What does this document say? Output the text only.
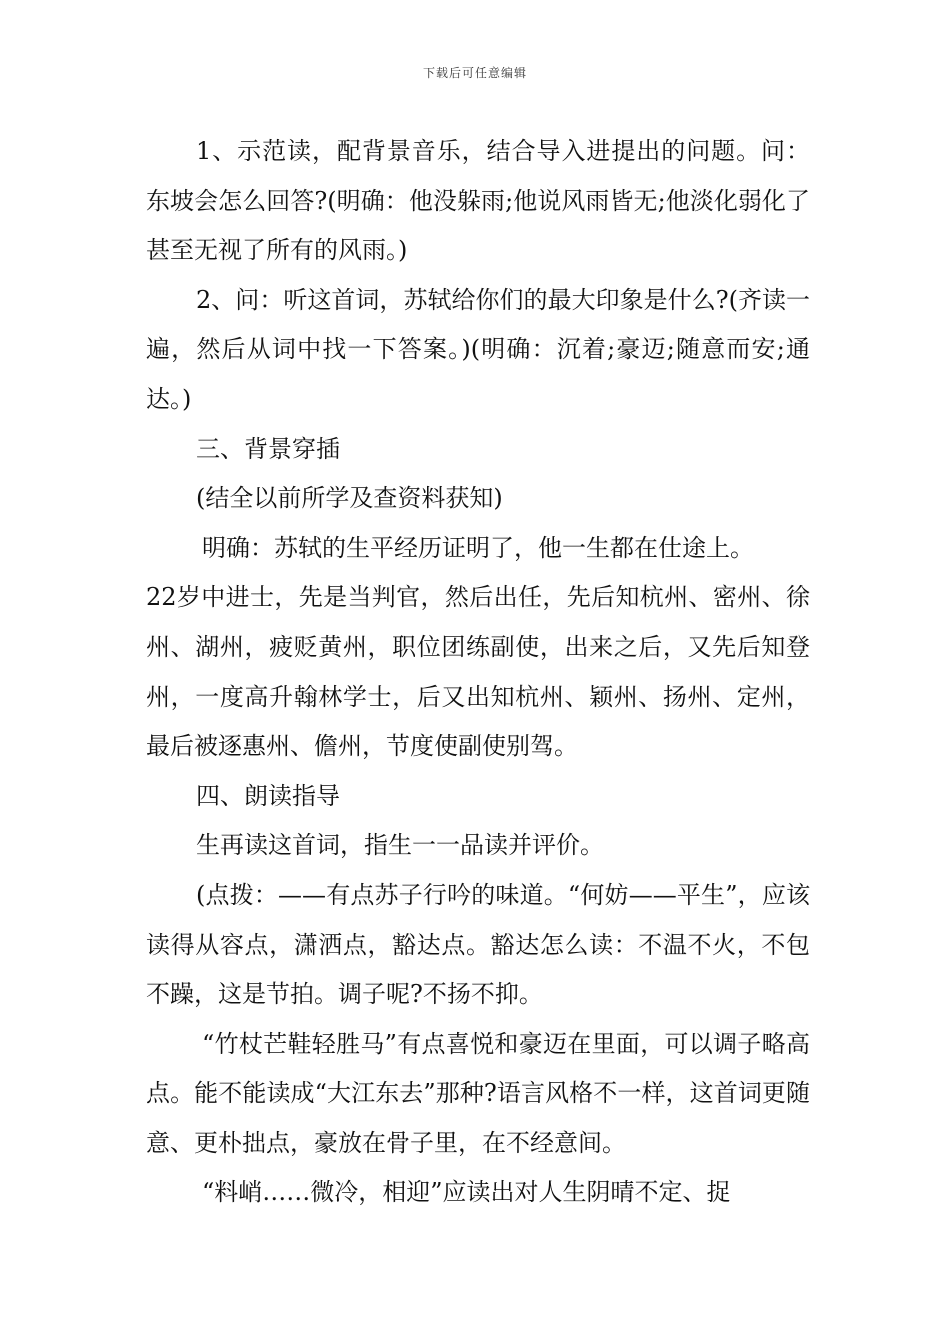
下载后可任意编辑

1、示范读，配背景音乐，结合导入进提出的问题。问：东坡会怎么回答?(明确：他没躲雨;他说风雨皆无;他淡化弱化了甚至无视了所有的风雨。)

2、问：听这首词，苏轼给你们的最大印象是什么?(齐读一遍，然后从词中找一下答案。)(明确：沉着;豪迈;随意而安;通达。)

三、背景穿插

(结全以前所学及查资料获知)

明确：苏轼的生平经历证明了，他一生都在仕途上。

22岁中进士，先是当判官，然后出任，先后知杭州、密州、徐州、湖州，疲贬黄州，职位团练副使，出来之后，又先后知登州，一度高升翰林学士，后又出知杭州、颖州、扬州、定州，最后被逐惠州、儋州，节度使副使别驾。

四、朗读指导

生再读这首词，指生一一品读并评价。

(点拨：——有点苏子行吟的味道。“何妨——平生”，应该读得从容点，潇洒点，豁达点。豁达怎么读：不温不火，不包不躁，这是节拍。调子呢?不扬不抑。

“竹杖芒鞋轻胜马”有点喜悦和豪迈在里面，可以调子略高点。能不能读成“大江东去”那种?语言风格不一样，这首词更随意、更朴拙点，豪放在骨子里，在不经意间。

“料峭……微冷，相迎”应读出对人生阴晴不定、捉
